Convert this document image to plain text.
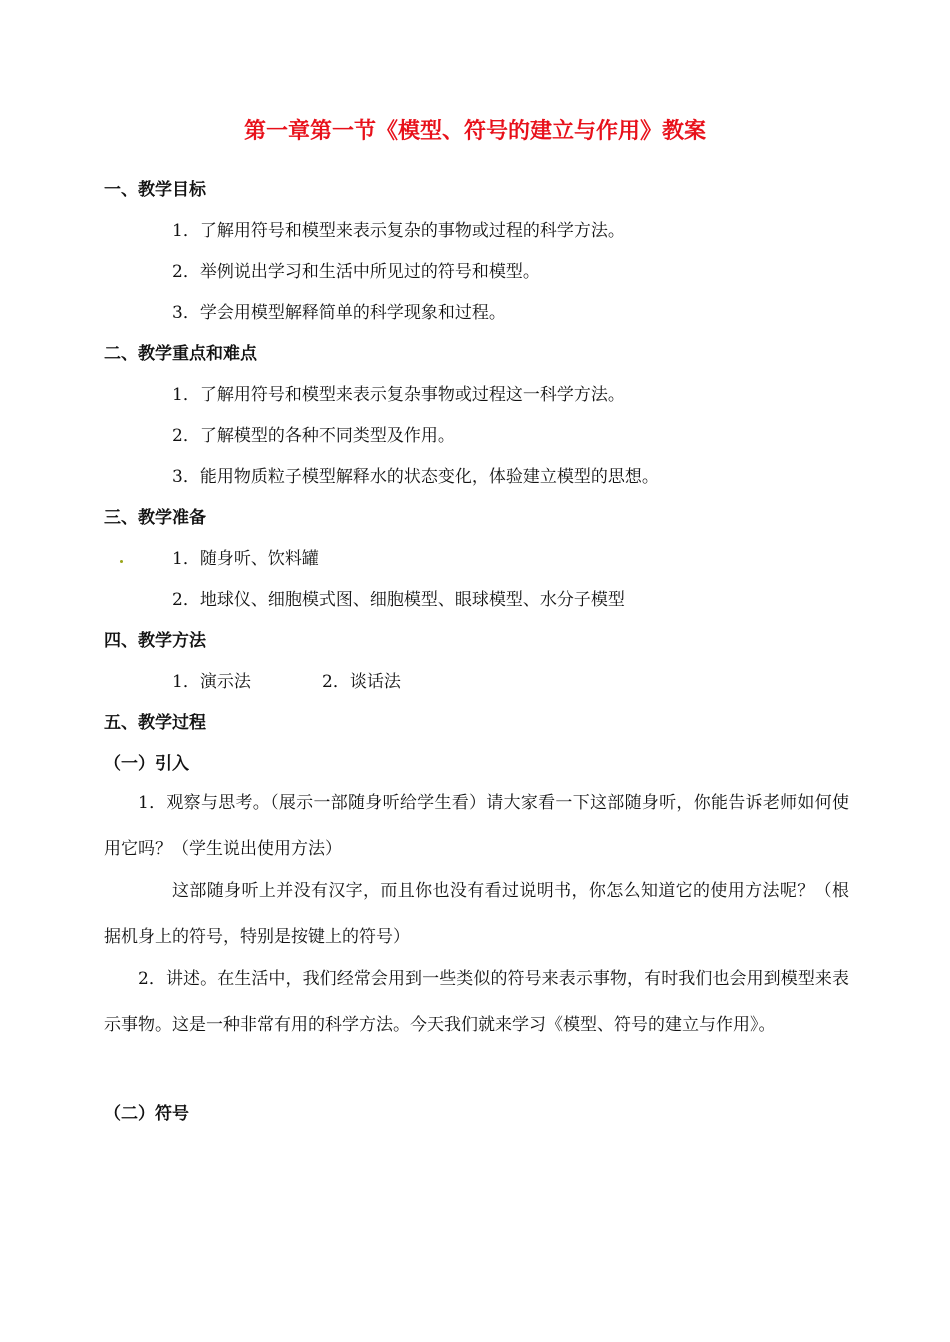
第一章第一节《模型、符号的建立与作用》教案
一、教学目标
1．了解用符号和模型来表示复杂的事物或过程的科学方法。
2．举例说出学习和生活中所见过的符号和模型。
3．学会用模型解释简单的科学现象和过程。
二、教学重点和难点
1．了解用符号和模型来表示复杂事物或过程这一科学方法。
2．了解模型的各种不同类型及作用。
3．能用物质粒子模型解释水的状态变化，体验建立模型的思想。
三、教学准备
1．随身听、饮料罐
2．地球仪、细胞模式图、细胞模型、眼球模型、水分子模型
四、教学方法
1．演示法	2．谈话法
五、教学过程
（一）引入
1．观察与思考。（展示一部随身听给学生看）请大家看一下这部随身听，你能告诉老师如何使用它吗？（学生说出使用方法）
这部随身听上并没有汉字，而且你也没有看过说明书，你怎么知道它的使用方法呢？（根据机身上的符号，特别是按键上的符号）
2．讲述。在生活中，我们经常会用到一些类似的符号来表示事物，有时我们也会用到模型来表示事物。这是一种非常有用的科学方法。今天我们就来学习《模型、符号的建立与作用》。
（二）符号
